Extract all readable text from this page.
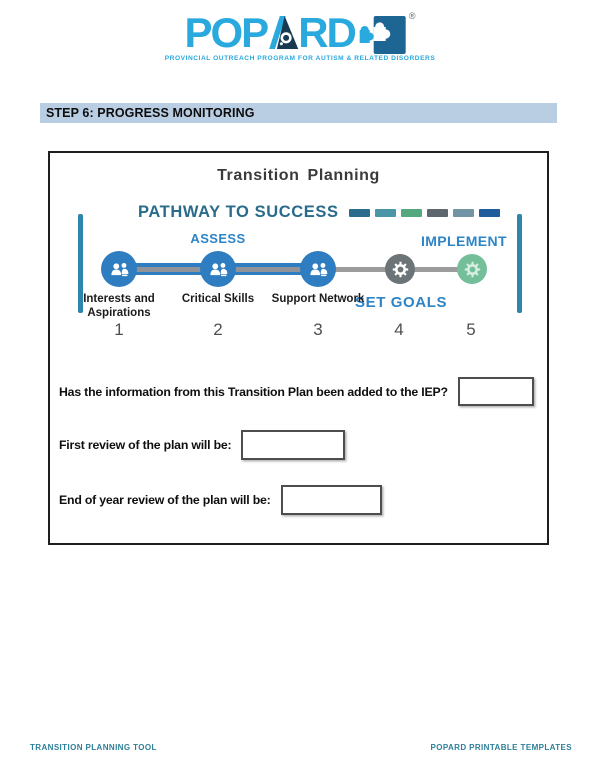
POP RD	®
PROVINCIAL OUTREACH PROGRAM FOR AUTISM & RELATED DISORDERS
STEP 6: PROGRESS MONITORING
Transition Planning
PATHWAY TO SUCCESS
ASSESS	IMPLEMENT
SET GOALS
Interests and Aspirations
Critical Skills	Support Network
1	2	3	4	5
Has the information from this Transition Plan been added to the IEP?
First review of the plan will be:
End of year review of the plan will be:
TRANSITION PLANNING TOOL	POPARD PRINTABLE TEMPLATES
